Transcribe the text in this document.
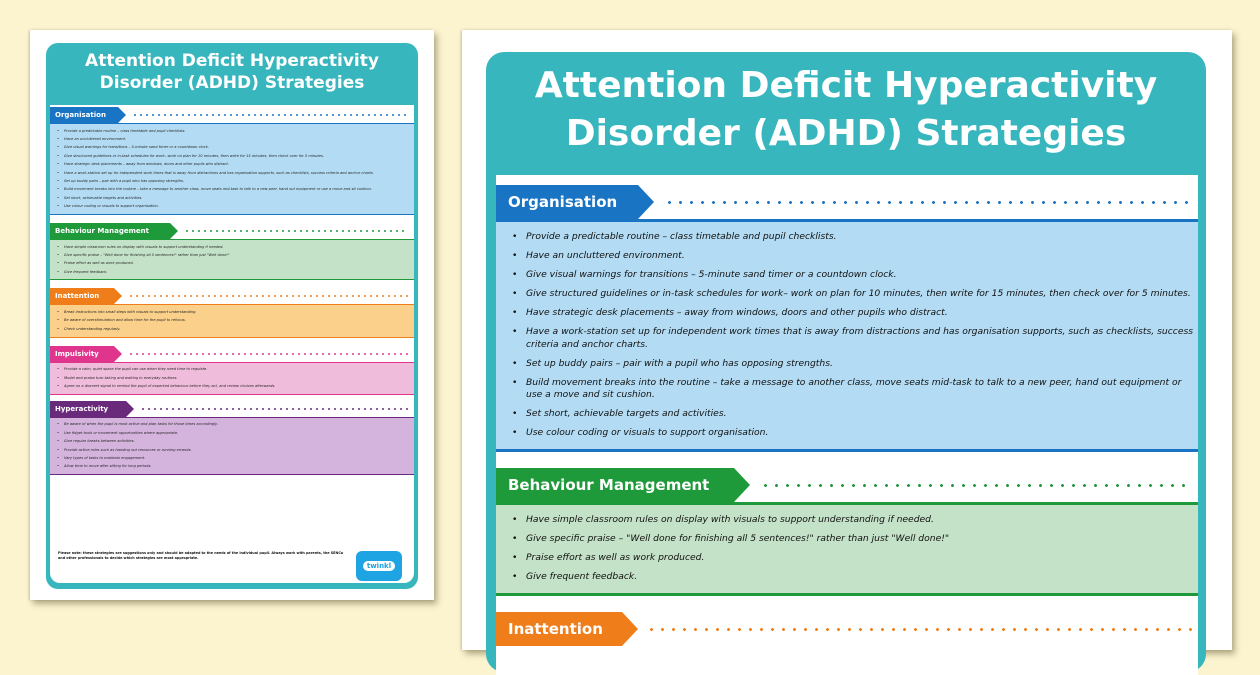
Attention Deficit Hyperactivity
Disorder (ADHD) Strategies
Organisation
• Provide a predictable routine – class timetable and pupil checklists.
• Have an uncluttered environment.
• Give visual warnings for transitions – 5-minute sand timer or a countdown clock.
• Give structured guidelines or in-task schedules for work– work on plan for 10 minutes, then write for 15 minutes, then check over for 5 minutes.
• Have strategic desk placements – away from windows, doors and other pupils who distract.
• Have a work-station set up for independent work times that is away from distractions and has organisation supports, such as checklists, success criteria and anchor charts.
• Set up buddy pairs – pair with a pupil who has opposing strengths.
• Build movement breaks into the routine – take a message to another class, move seats mid-task to talk to a new peer, hand out equipment or use a move and sit cushion.
• Set short, achievable targets and activities.
• Use colour coding or visuals to support organisation.
Behaviour Management
• Have simple classroom rules on display with visuals to support understanding if needed.
• Give specific praise – "Well done for finishing all 5 sentences!" rather than just "Well done!"
• Praise effort as well as work produced.
• Give frequent feedback.
Inattention
• Break instructions into small steps with visuals to support understanding.
• Be aware of overstimulation and allow time for the pupil to refocus.
• Check understanding regularly.
Impulsivity
• Provide a calm, quiet space the pupil can use when they need time to regulate.
• Model and praise turn-taking and waiting in everyday routines.
• Agree on a discreet signal to remind the pupil of expected behaviour before they act, and review choices afterwards.
Hyperactivity
• Be aware of when the pupil is most active and plan tasks for those times accordingly.
• Use fidget tools or movement opportunities where appropriate.
• Give regular breaks between activities.
• Provide active roles such as handing out resources or running errands.
• Vary types of tasks to maintain engagement.
• Allow time to move after sitting for long periods.
Please note: these strategies are suggestions only and should be adapted to the needs of the individual pupil. Always work with parents, the SENCo and other professionals to decide which strategies are most appropriate.
twinkl
Attention Deficit Hyperactivity
Disorder (ADHD) Strategies
Organisation
• Provide a predictable routine – class timetable and pupil checklists.
• Have an uncluttered environment.
• Give visual warnings for transitions – 5-minute sand timer or a countdown clock.
• Give structured guidelines or in-task schedules for work– work on plan for 10 minutes, then write for 15 minutes, then check over for 5 minutes.
• Have strategic desk placements – away from windows, doors and other pupils who distract.
• Have a work-station set up for independent work times that is away from distractions and has organisation supports, such as checklists, success criteria and anchor charts.
• Set up buddy pairs – pair with a pupil who has opposing strengths.
• Build movement breaks into the routine – take a message to another class, move seats mid-task to talk to a new peer, hand out equipment or use a move and sit cushion.
• Set short, achievable targets and activities.
• Use colour coding or visuals to support organisation.
Behaviour Management
• Have simple classroom rules on display with visuals to support understanding if needed.
• Give specific praise – "Well done for finishing all 5 sentences!" rather than just "Well done!"
• Praise effort as well as work produced.
• Give frequent feedback.
Inattention
